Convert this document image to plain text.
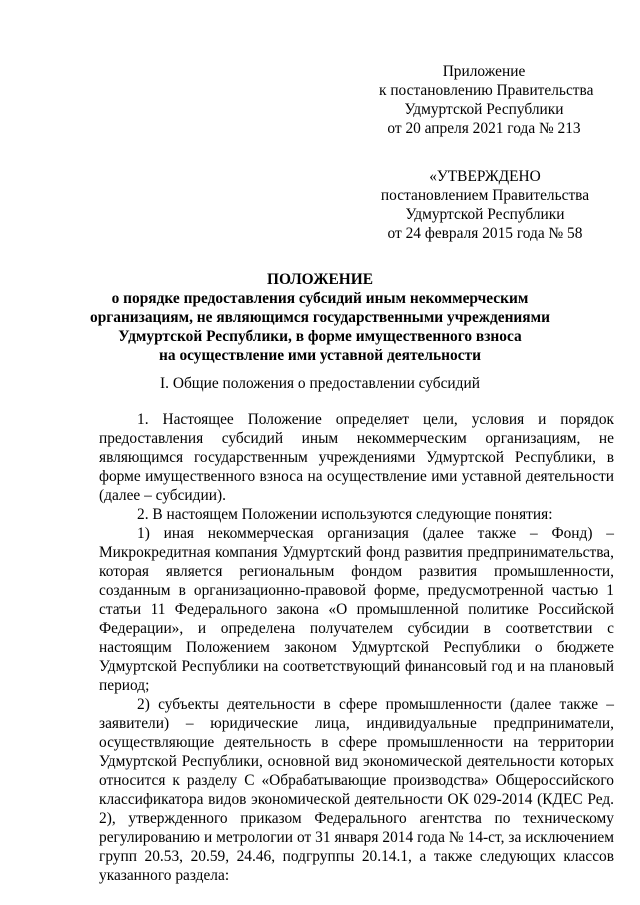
Приложение
к постановлению Правительства
Удмуртской Республики
от 20 апреля 2021 года № 213
«УТВЕРЖДЕНО
постановлением Правительства
Удмуртской Республики
от 24 февраля 2015 года № 58
ПОЛОЖЕНИЕ
о порядке предоставления субсидий иным некоммерческим
организациям, не являющимся государственными учреждениями
Удмуртской Республики, в форме имущественного взноса
на осуществление ими уставной деятельности
I. Общие положения о предоставлении субсидий

1. Настоящее Положение определяет цели, условия и порядок предоставления субсидий иным некоммерческим организациям, не являющимся государственным учреждениями Удмуртской Республики, в форме имущественного взноса на осуществление ими уставной деятельности (далее – субсидии).

2. В настоящем Положении используются следующие понятия:

1) иная некоммерческая организация (далее также – Фонд) – Микрокредитная компания Удмуртский фонд развития предпринимательства, которая является региональным фондом развития промышленности, созданным в организационно-правовой форме, предусмотренной частью 1 статьи 11 Федерального закона «О промышленной политике Российской Федерации», и определена получателем субсидии в соответствии с настоящим Положением законом Удмуртской Республики о бюджете Удмуртской Республики на соответствующий финансовый год и на плановый период;

2) субъекты деятельности в сфере промышленности (далее также – заявители) – юридические лица, индивидуальные предприниматели, осуществляющие деятельность в сфере промышленности на территории Удмуртской Республики, основной вид экономической деятельности которых относится к разделу С «Обрабатывающие производства» Общероссийского классификатора видов экономической деятельности ОК 029-2014 (КДЕС Ред. 2), утвержденного приказом Федерального агентства по техническому регулированию и метрологии от 31 января 2014 года № 14-ст, за исключением групп 20.53, 20.59, 24.46, подгруппы 20.14.1, а также следующих классов указанного раздела:
